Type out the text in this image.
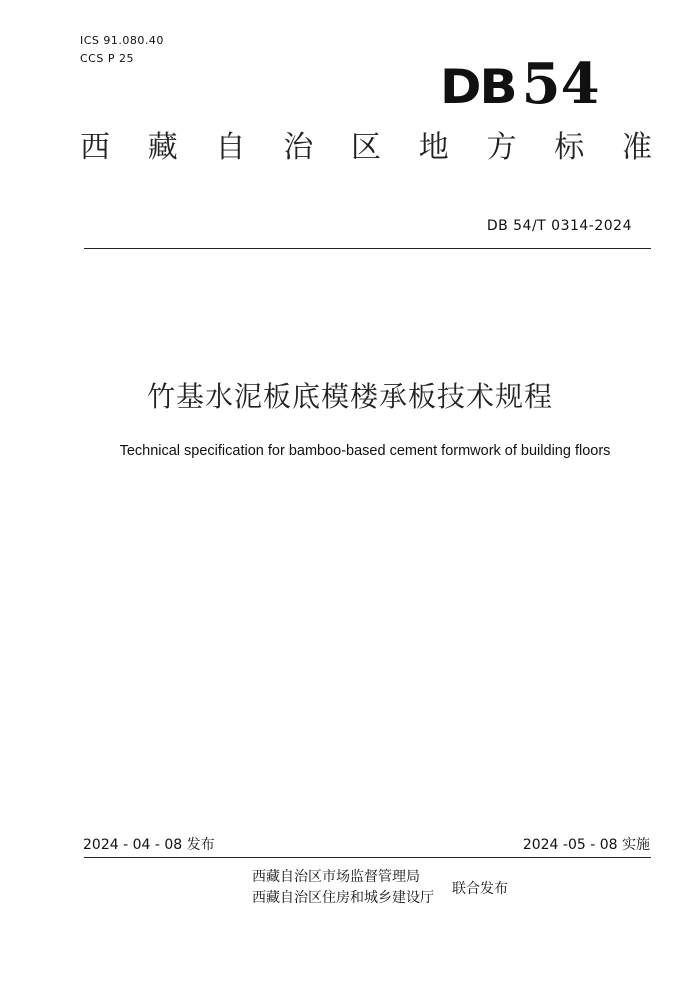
ICS 91.080.40
CCS P 25
DB 54
西 藏 自 治 区 地 方 标 准
DB 54/T 0314-2024
竹基水泥板底模楼承板技术规程
Technical specification for bamboo-based cement formwork of building floors
2024 - 04 - 08 发布	2024 -05 - 08 实施
西藏自治区市场监督管理局
西藏自治区住房和城乡建设厅
联合发布
